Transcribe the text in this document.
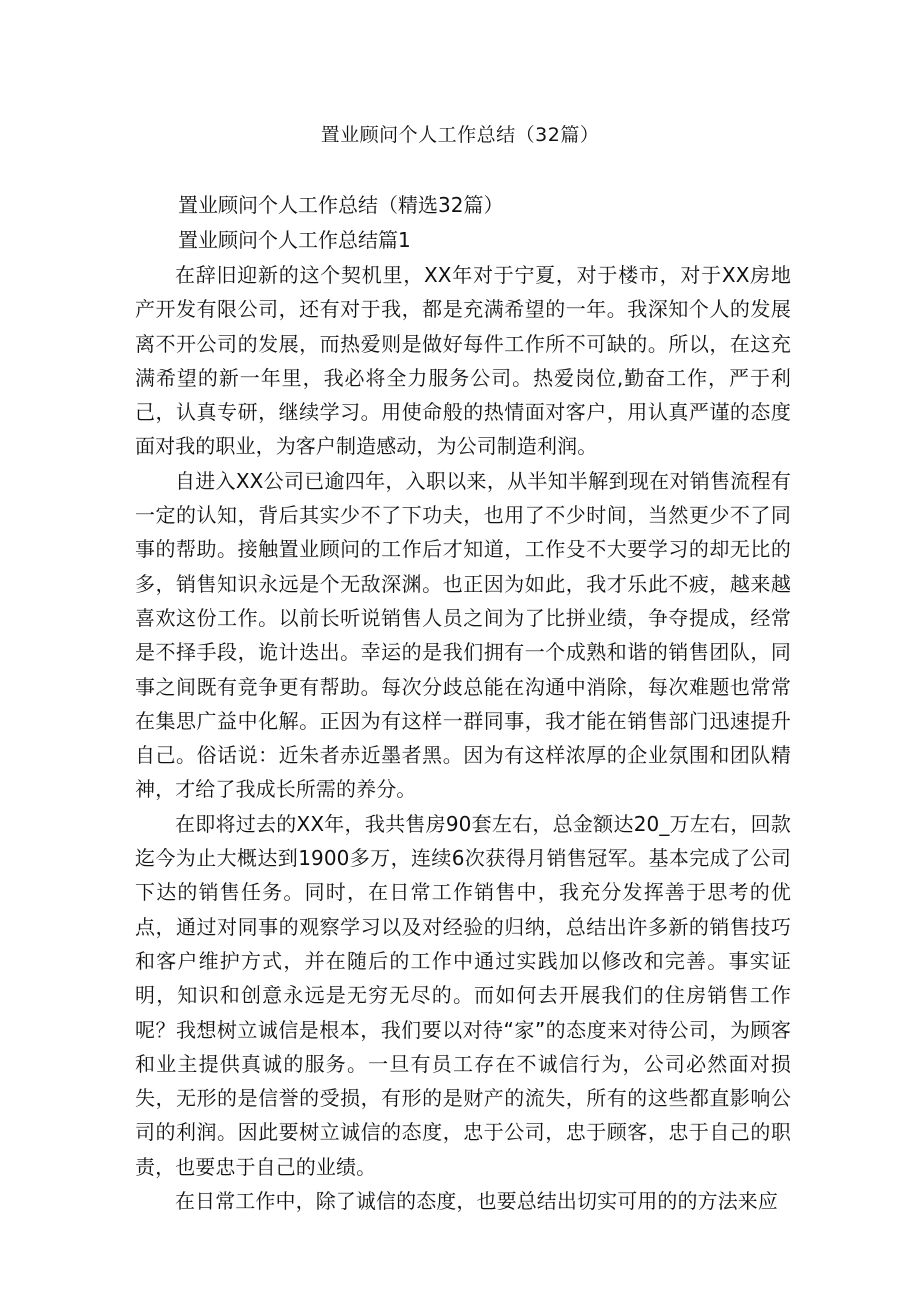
置业顾问个人工作总结（32篇）
置业顾问个人工作总结（精选32篇）
置业顾问个人工作总结篇1

在辞旧迎新的这个契机里，XX年对于宁夏，对于楼市，对于XX房地产开发有限公司，还有对于我，都是充满希望的一年。我深知个人的发展离不开公司的发展，而热爱则是做好每件工作所不可缺的。所以，在这充满希望的新一年里，我必将全力服务公司。热爱岗位,勤奋工作，严于利己，认真专研，继续学习。用使命般的热情面对客户，用认真严谨的态度面对我的职业，为客户制造感动，为公司制造利润。

自进入XX公司已逾四年，入职以来，从半知半解到现在对销售流程有一定的认知，背后其实少不了下功夫，也用了不少时间，当然更少不了同事的帮助。接触置业顾问的工作后才知道，工作殳不大要学习的却无比的多，销售知识永远是个无敌深渊。也正因为如此，我才乐此不疲，越来越喜欢这份工作。以前长听说销售人员之间为了比拼业绩，争夺提成，经常是不择手段，诡计迭出。幸运的是我们拥有一个成熟和谐的销售团队，同事之间既有竞争更有帮助。每次分歧总能在沟通中消除，每次难题也常常在集思广益中化解。正因为有这样一群同事，我才能在销售部门迅速提升自己。俗话说：近朱者赤近墨者黑。因为有这样浓厚的企业氛围和团队精神，才给了我成长所需的养分。

在即将过去的XX年，我共售房90套左右，总金额达20_万左右，回款迄今为止大概达到1900多万，连续6次获得月销售冠军。基本完成了公司下达的销售任务。同时，在日常工作销售中，我充分发挥善于思考的优点，通过对同事的观察学习以及对经验的归纳，总结出许多新的销售技巧和客户维护方式，并在随后的工作中通过实践加以修改和完善。事实证明，知识和创意永远是无穷无尽的。而如何去开展我们的住房销售工作呢？我想树立诚信是根本，我们要以对待“家”的态度来对待公司，为顾客和业主提供真诚的服务。一旦有员工存在不诚信行为，公司必然面对损失，无形的是信誉的受损，有形的是财产的流失，所有的这些都直影响公司的利润。因此要树立诚信的态度，忠于公司，忠于顾客，忠于自己的职责，也要忠于自己的业绩。

在日常工作中，除了诚信的态度，也要总结出切实可用的的方法来应
